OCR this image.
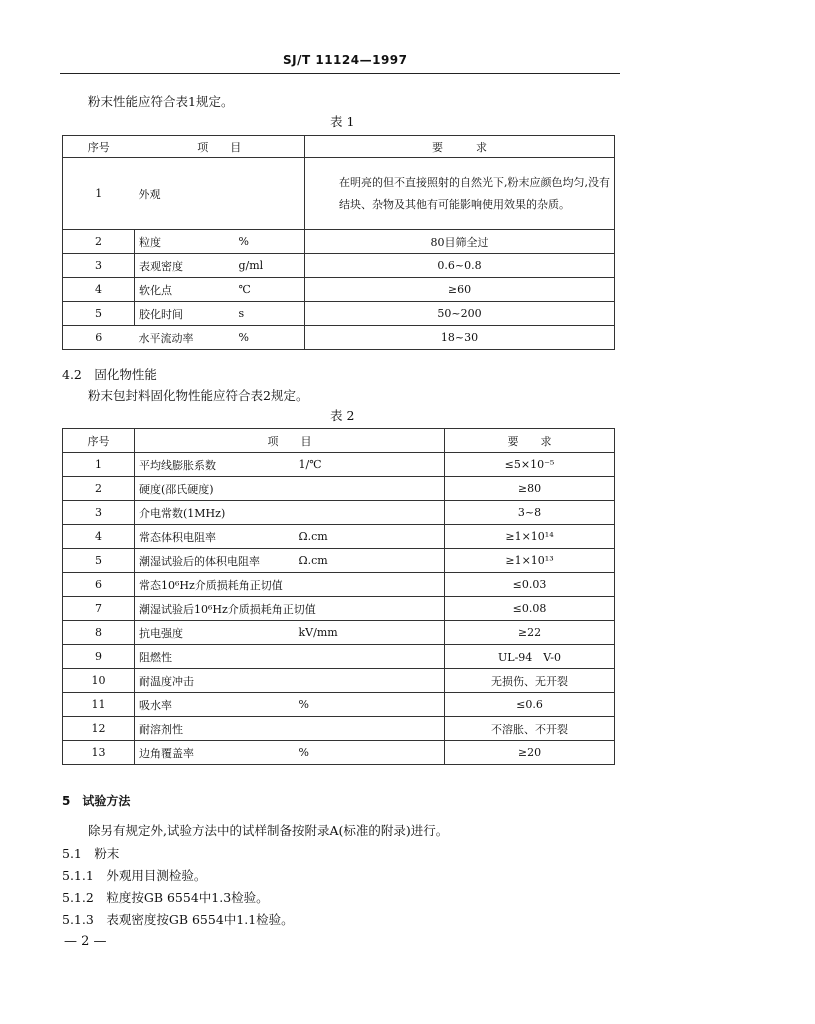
SJ/T 11124—1997
粉末性能应符合表1规定。
表 1
序号	项　　目		要　　　求
1	外观		在明亮的但不直接照射的自然光下,粉末应颜色均匀,没有结块、杂物及其他有可能影响使用效果的杂质。
2	粒度	%	80目筛全过
3	表观密度	g/ml	0.6~0.8
4	软化点	℃	≥60
5	胶化时间	s	50~200
6	水平流动率	%	18~30
4.2　 固化物性能
粉末包封料固化物性能应符合表2规定。
表 2
序号	项　　目		要　　求
1	平均线膨胀系数	1/℃	≤5×10⁻⁵
2	硬度(邵氏硬度)		≥80
3	介电常数(1MHz)		3~8
4	常态体积电阻率	Ω.cm	≥1×10¹⁴
5	潮湿试验后的体积电阻率	Ω.cm	≥1×10¹³
6	常态10⁶Hz介质损耗角正切值		≤0.03
7	潮湿试验后10⁶Hz介质损耗角正切值		≤0.08
8	抗电强度	kV/mm	≥22
9	阻燃性		UL-94　V-0
10	耐温度冲击		无损伤、无开裂
11	吸水率	%	≤0.6
12	耐溶剂性		不溶胀、不开裂
13	边角覆盖率	%	≥20
5　 试验方法
除另有规定外,试验方法中的试样制备按附录A(标准的附录)进行。
5.1　 粉末
5.1.1　 外观用目测检验。
5.1.2　 粒度按GB 6554中1.3检验。
5.1.3　 表观密度按GB 6554中1.1检验。
— 2 —
